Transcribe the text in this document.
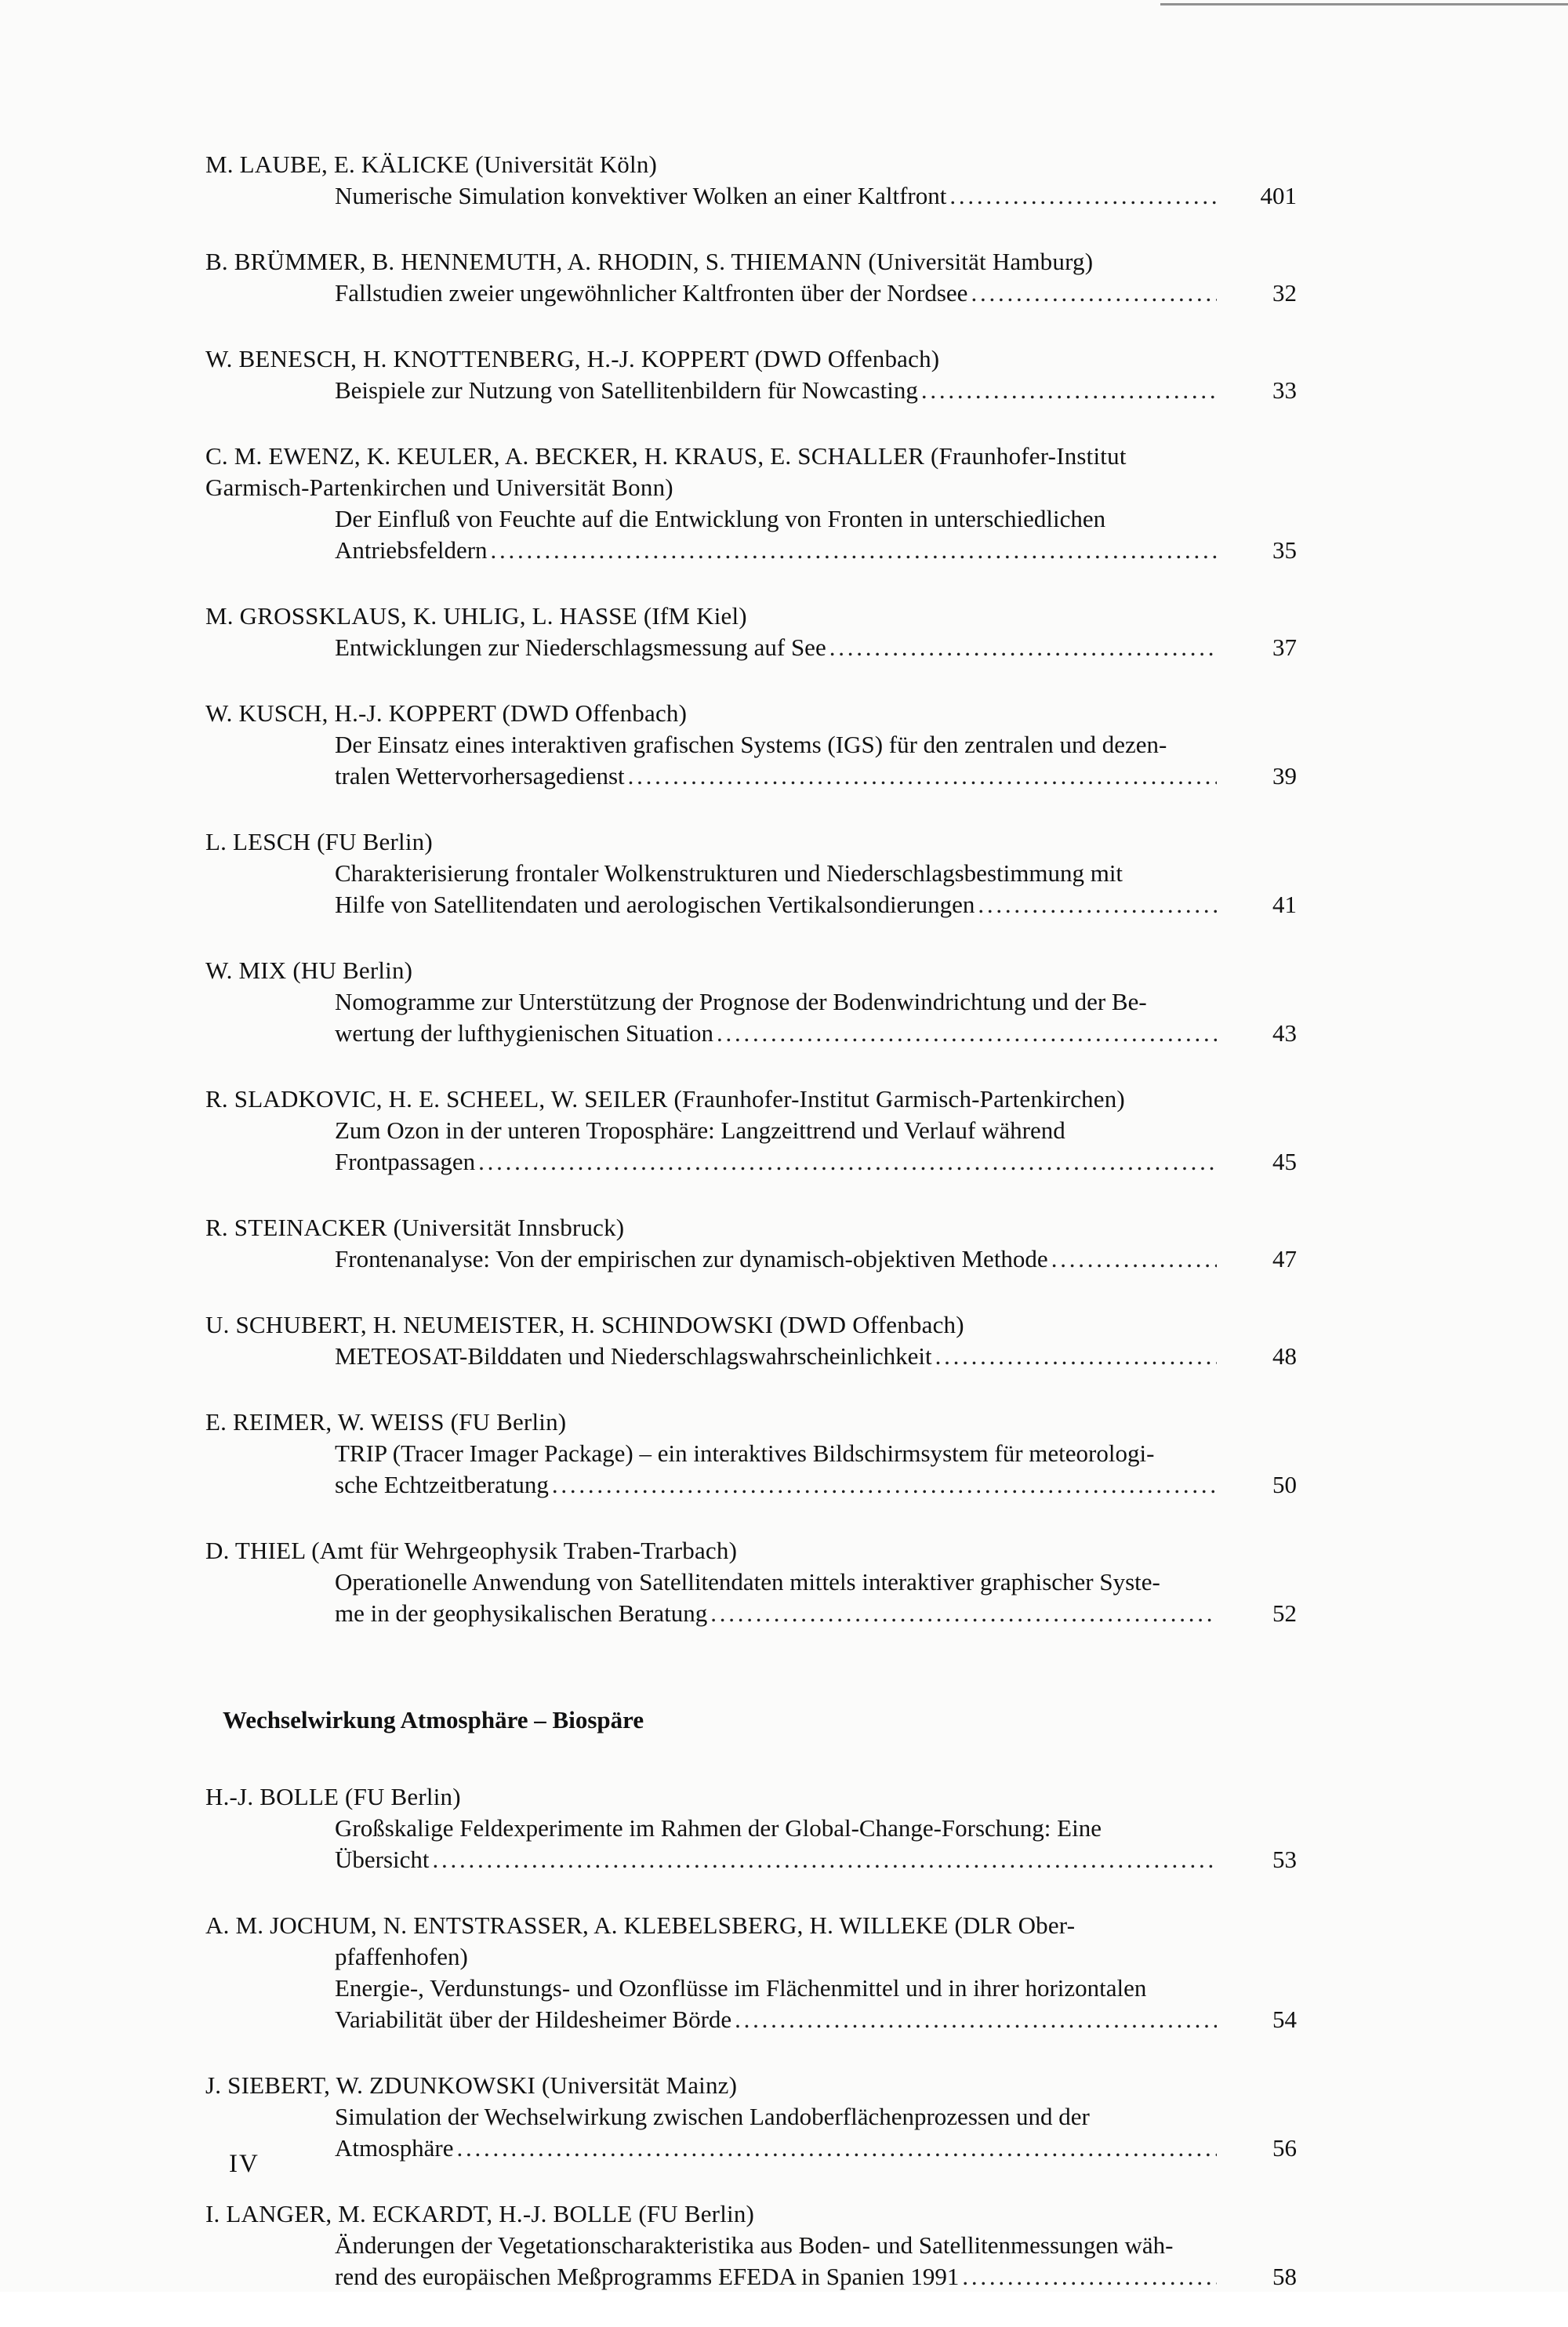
M. LAUBE, E. KÄLICKE (Universität Köln)
Numerische Simulation konvektiver Wolken an einer Kaltfront . . .	401
B. BRÜMMER, B. HENNEMUTH, A. RHODIN, S. THIEMANN (Universität Hamburg)
Fallstudien zweier ungewöhnlicher Kaltfronten über der Nordsee . . .	32
W. BENESCH, H. KNOTTENBERG, H.-J. KOPPERT (DWD Offenbach)
Beispiele zur Nutzung von Satellitenbildern für Nowcasting . . .	33
C. M. EWENZ, K. KEULER, A. BECKER, H. KRAUS, E. SCHALLER (Fraunhofer-Institut Garmisch-Partenkirchen und Universität Bonn)
Der Einfluß von Feuchte auf die Entwicklung von Fronten in unterschiedlichen
Antriebsfeldern . . .	35
M. GROSSKLAUS, K. UHLIG, L. HASSE (IfM Kiel)
Entwicklungen zur Niederschlagsmessung auf See . . .	37
W. KUSCH, H.-J. KOPPERT (DWD Offenbach)
Der Einsatz eines interaktiven grafischen Systems (IGS) für den zentralen und dezen-
tralen Wettervorhersagedienst . . .	39
L. LESCH (FU Berlin)
Charakterisierung frontaler Wolkenstrukturen und Niederschlagsbestimmung mit
Hilfe von Satellitendaten und aerologischen Vertikalsondierungen . . .	41
W. MIX (HU Berlin)
Nomogramme zur Unterstützung der Prognose der Bodenwindrichtung und der Be-
wertung der lufthygienischen Situation . . .	43
R. SLADKOVIC, H. E. SCHEEL, W. SEILER (Fraunhofer-Institut Garmisch-Partenkirchen)
Zum Ozon in der unteren Troposphäre: Langzeittrend und Verlauf während
Frontpassagen . . .	45
R. STEINACKER (Universität Innsbruck)
Frontenanalyse: Von der empirischen zur dynamisch-objektiven Methode . . .	47
U. SCHUBERT, H. NEUMEISTER, H. SCHINDOWSKI (DWD Offenbach)
METEOSAT-Bilddaten und Niederschlagswahrscheinlichkeit . . .	48
E. REIMER, W. WEISS (FU Berlin)
TRIP (Tracer Imager Package) – ein interaktives Bildschirmsystem für meteorologi-
sche Echtzeitberatung . . .	50
D. THIEL (Amt für Wehrgeophysik Traben-Trarbach)
Operationelle Anwendung von Satellitendaten mittels interaktiver graphischer Syste-
me in der geophysikalischen Beratung . . .	52
Wechselwirkung Atmosphäre – Biospäre
H.-J. BOLLE (FU Berlin)
Großskalige Feldexperimente im Rahmen der Global-Change-Forschung: Eine
Übersicht . . .	53
A. M. JOCHUM, N. ENTSTRASSER, A. KLEBELSBERG, H. WILLEKE (DLR Ober-
pfaffenhofen)
Energie-, Verdunstungs- und Ozonflüsse im Flächenmittel und in ihrer horizontalen
Variabilität über der Hildesheimer Börde . . .	54
J. SIEBERT, W. ZDUNKOWSKI (Universität Mainz)
Simulation der Wechselwirkung zwischen Landoberflächenprozessen und der
Atmosphäre . . .	56
I. LANGER, M. ECKARDT, H.-J. BOLLE (FU Berlin)
Änderungen der Vegetationscharakteristika aus Boden- und Satellitenmessungen wäh-
rend des europäischen Meßprogramms EFEDA in Spanien 1991 . . .	58
IV
